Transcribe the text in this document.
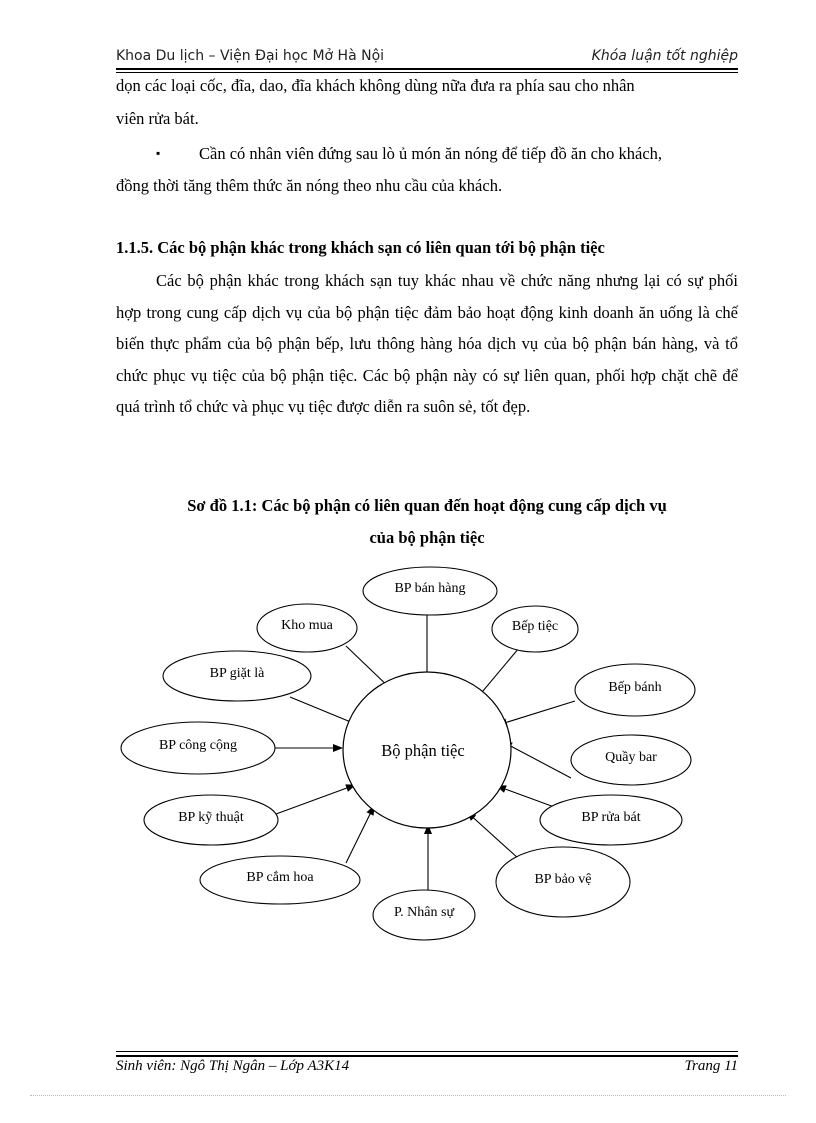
Khoa Du lịch – Viện Đại học Mở Hà Nội	Khóa luận tốt nghiệp
dọn các loại cốc, đĩa, dao, đĩa khách không dùng nữa đưa ra phía sau cho nhân
viên rửa bát.
▪ Cần có nhân viên đứng sau lò ủ món ăn nóng để tiếp đồ ăn cho khách,
đồng thời tăng thêm thức ăn nóng theo nhu cầu của khách.
1.1.5. Các bộ phận khác trong khách sạn có liên quan tới bộ phận tiệc

Các bộ phận khác trong khách sạn tuy khác nhau về chức năng nhưng lại có sự phối hợp trong cung cấp dịch vụ của bộ phận tiệc đảm bảo hoạt động kinh doanh ăn uống là chế biến thực phẩm của bộ phận bếp, lưu thông hàng hóa dịch vụ của bộ phận bán hàng, và tổ chức phục vụ tiệc của bộ phận tiệc. Các bộ phận này có sự liên quan, phối hợp chặt chẽ để quá trình tổ chức và phục vụ tiệc được diễn ra suôn sẻ, tốt đẹp.

Sơ đồ 1.1: Các bộ phận có liên quan đến hoạt động cung cấp dịch vụ
của bộ phận tiệc
Bộ phận tiệc
BP bán hàng
Bếp tiệc
Bếp bánh
Quầy bar
BP rửa bát
BP bảo vệ
P. Nhân sự
BP cắm hoa
BP kỹ thuật
BP công cộng
BP giặt là
Kho mua
Sinh viên: Ngô Thị Ngân – Lớp A3K14	Trang 11
